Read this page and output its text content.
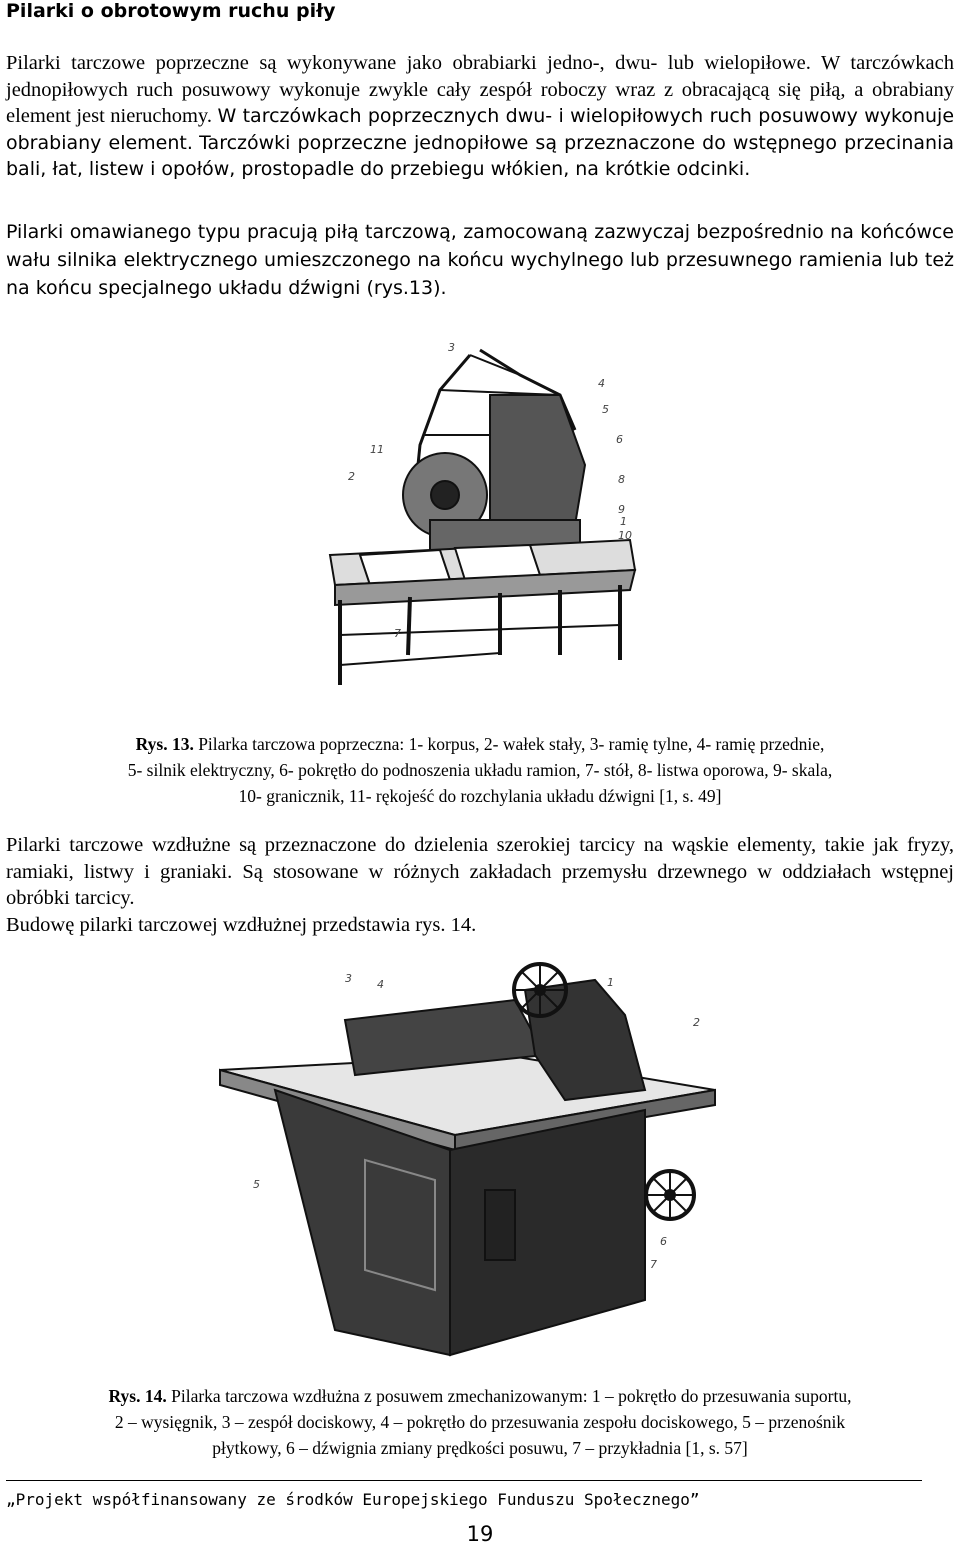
Pilarki o obrotowym ruchu piły

Pilarki tarczowe poprzeczne są wykonywane jako obrabiarki jedno-, dwu- lub wielopiłowe. W tarczówkach jednopiłowych ruch posuwowy wykonuje zwykle cały zespół roboczy wraz z obracającą się piłą, a obrabiany element jest nieruchomy. W tarczówkach poprzecznych dwu- i wielopiłowych ruch posuwowy wykonuje obrabiany element. Tarczówki poprzeczne jednopiłowe są przeznaczone do wstępnego przecinania bali, łat, listew i opołów, prostopadle do przebiegu włókien, na krótkie odcinki.

Pilarki omawianego typu pracują piłą tarczową, zamocowaną zazwyczaj bezpośrednio na końcówce wału silnika elektrycznego umieszczonego na końcu wychylnego lub przesuwnego ramienia lub też na końcu specjalnego układu dźwigni (rys.13).

3
4
5
6
8
9
1
10
11
2
7
Rys. 13. Pilarka tarczowa poprzeczna: 1- korpus, 2- wałek stały, 3- ramię tylne, 4- ramię przednie,
5- silnik elektryczny, 6- pokrętło do podnoszenia układu ramion, 7- stół, 8- listwa oporowa, 9- skala,
10- granicznik, 11- rękojeść do rozchylania układu dźwigni [1, s. 49]

Pilarki tarczowe wzdłużne są przeznaczone do dzielenia szerokiej tarcicy na wąskie elementy, takie jak fryzy, ramiaki, listwy i graniaki. Są stosowane w różnych zakładach przemysłu drzewnego w oddziałach wstępnej obróbki tarcicy.

Budowę pilarki tarczowej wzdłużnej przedstawia rys. 14.

3 4	1
2
5
6
7
Rys. 14. Pilarka tarczowa wzdłużna z posuwem zmechanizowanym: 1 – pokrętło do przesuwania suportu,
2 – wysięgnik, 3 – zespół dociskowy, 4 – pokrętło do przesuwania zespołu dociskowego, 5 – przenośnik
płytkowy, 6 – dźwignia zmiany prędkości posuwu, 7 – przykładnia [1, s. 57]
„Projekt współfinansowany ze środków Europejskiego Funduszu Społecznego”
19
